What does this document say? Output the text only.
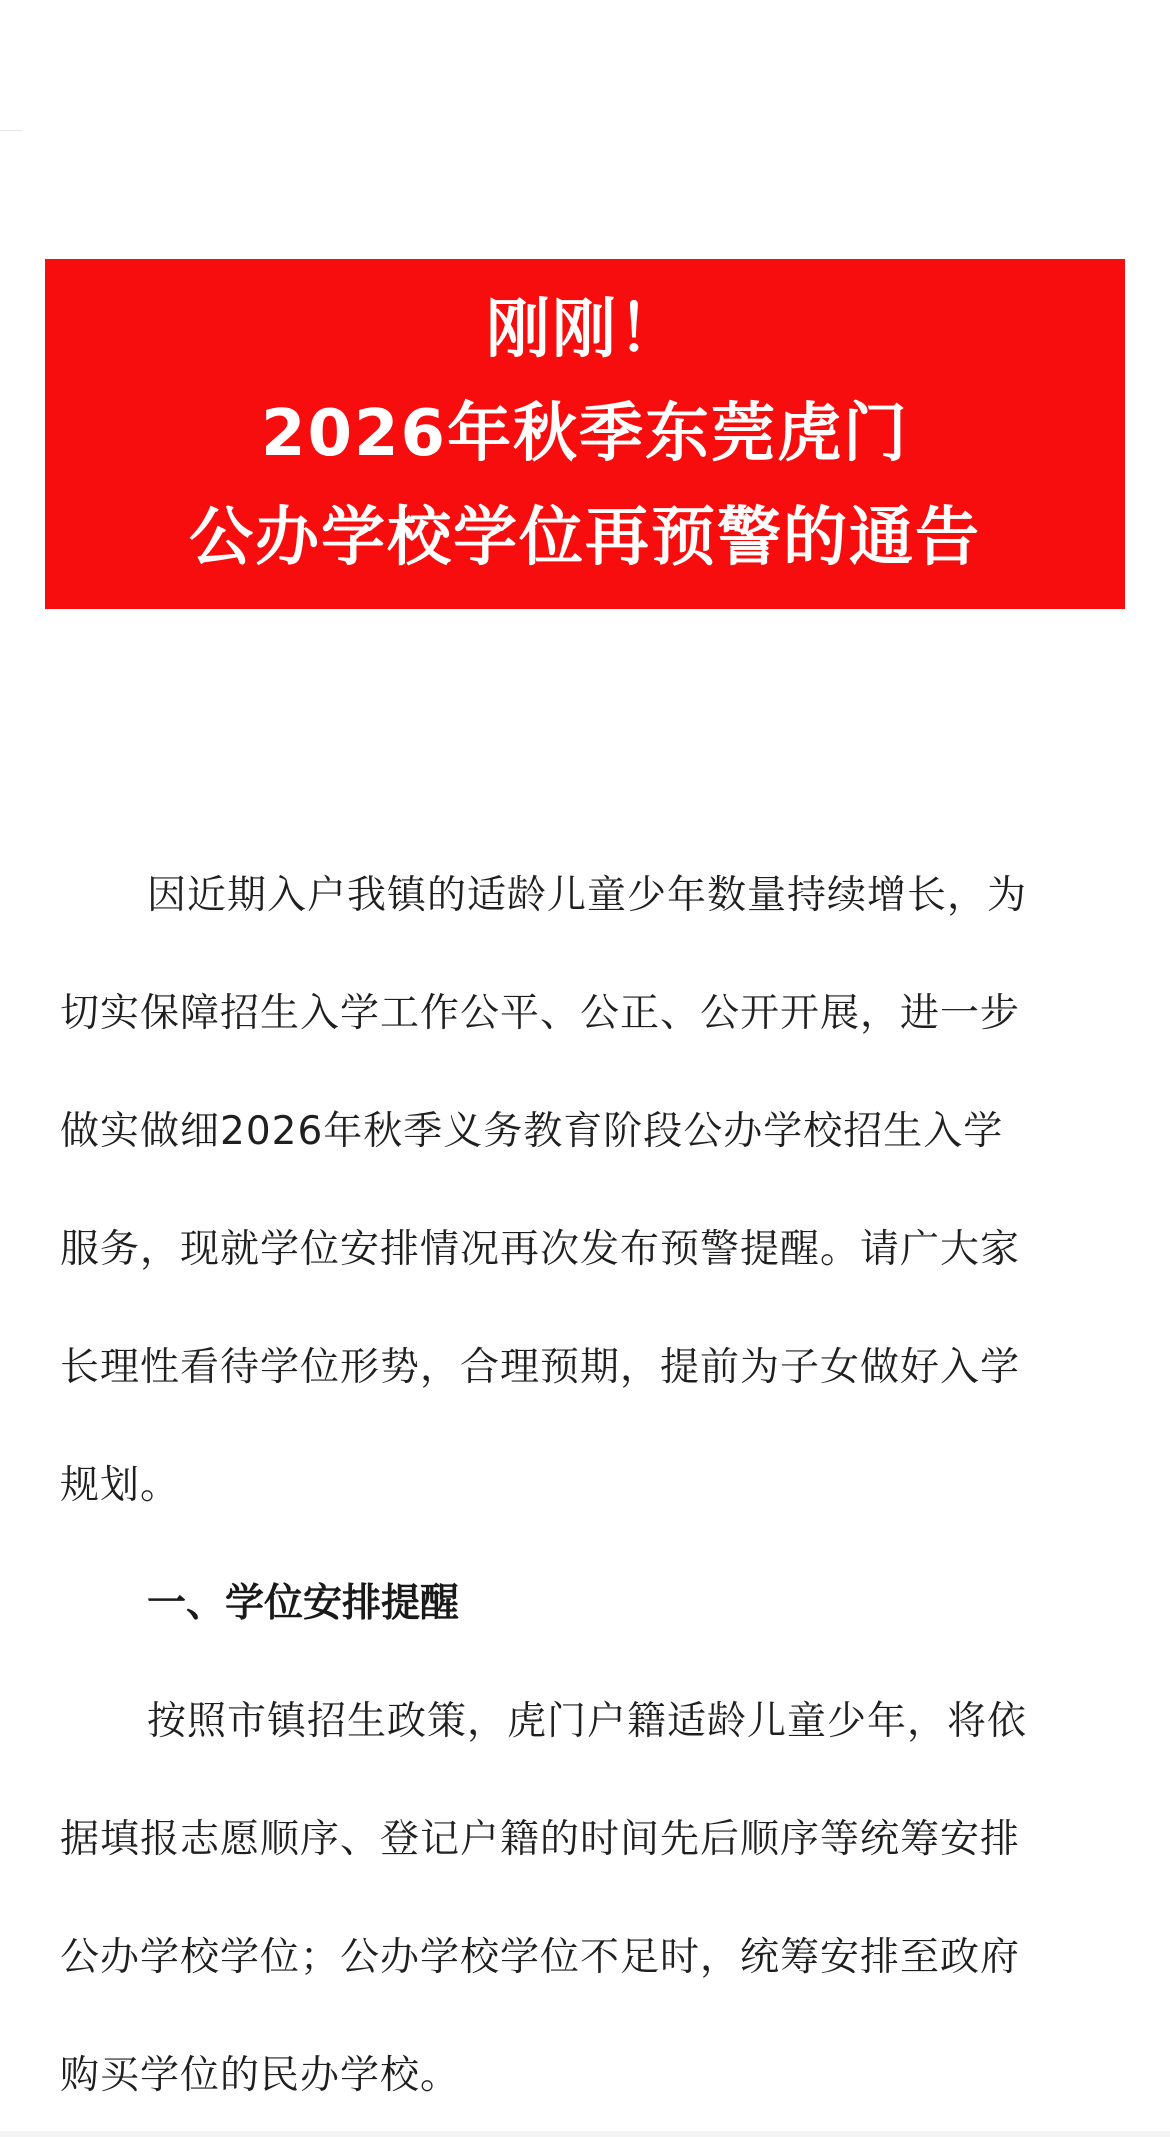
刚刚！
2026年秋季东莞虎门
公办学校学位再预警的通告
因近期入户我镇的适龄儿童少年数量持续增长，为
切实保障招生入学工作公平、公正、公开开展，进一步
做实做细2026年秋季义务教育阶段公办学校招生入学
服务，现就学位安排情况再次发布预警提醒。请广大家
长理性看待学位形势，合理预期，提前为子女做好入学
规划。
一、学位安排提醒
按照市镇招生政策，虎门户籍适龄儿童少年，将依
据填报志愿顺序、登记户籍的时间先后顺序等统筹安排
公办学校学位；公办学校学位不足时，统筹安排至政府
购买学位的民办学校。
